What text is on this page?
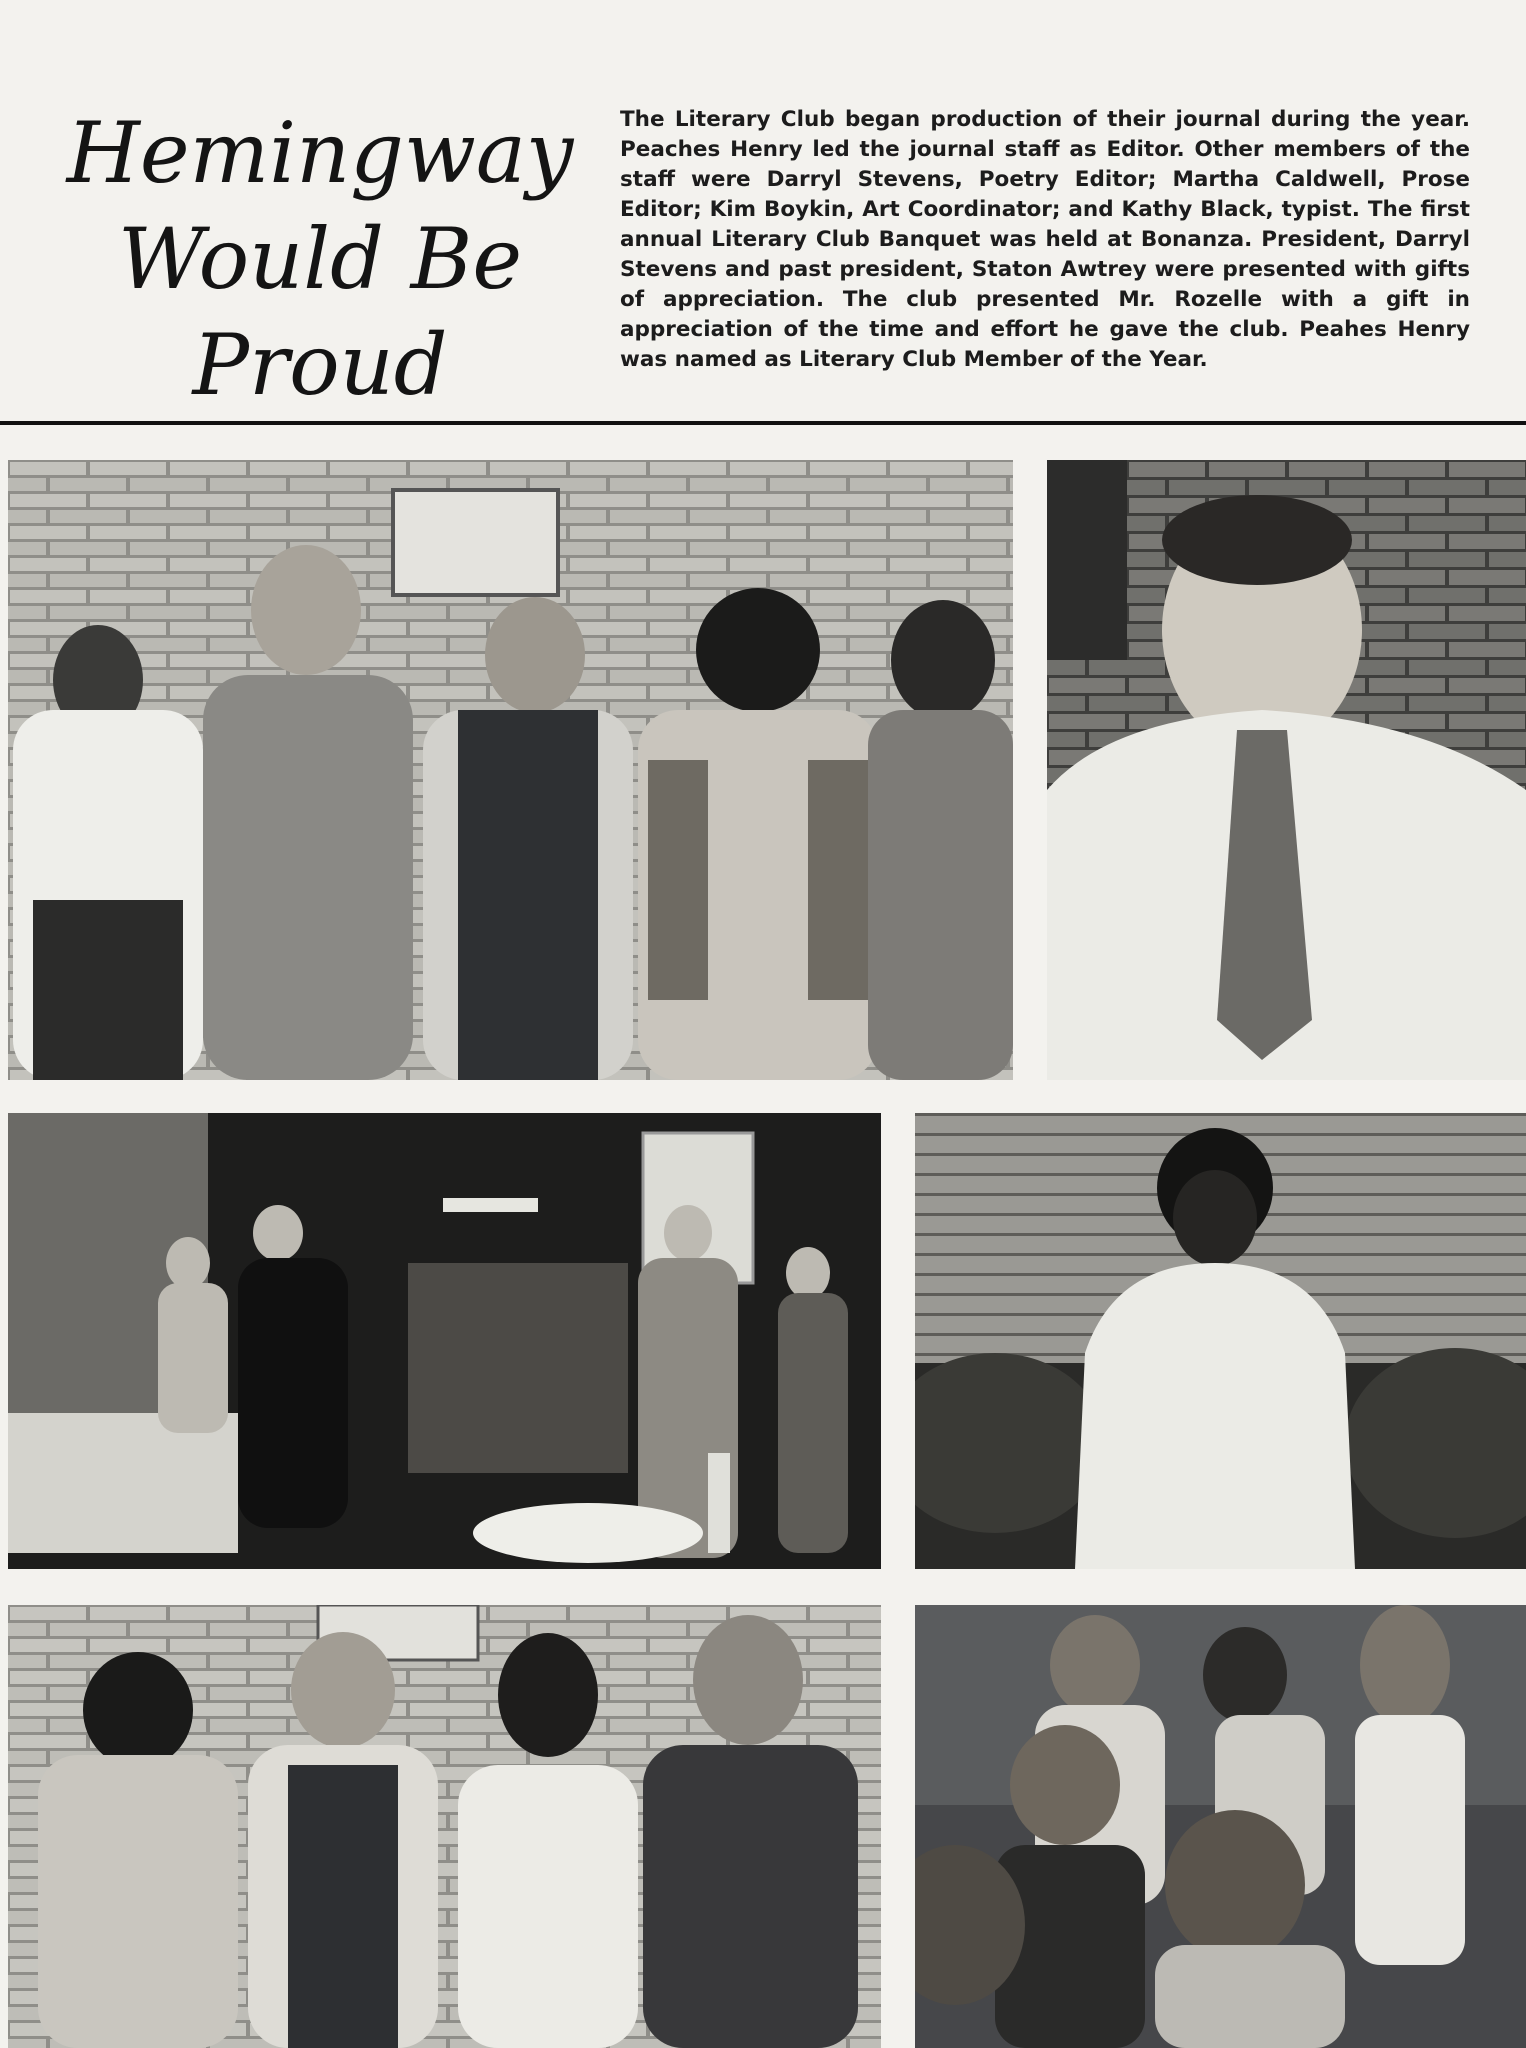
Hemingway
Would Be
Proud
The Literary Club began production of their journal during the year. Peaches Henry led the journal staff as Editor. Other members of the staff were Darryl Stevens, Poetry Editor; Martha Caldwell, Prose Editor; Kim Boykin, Art Coordinator; and Kathy Black, typist. The first annual Literary Club Banquet was held at Bonanza. President, Darryl Stevens and past president, Staton Awtrey were presented with gifts of appreciation. The club presented Mr. Rozelle with a gift in appreciation of the time and effort he gave the club. Peahes Henry was named as Literary Club Member of the Year.
